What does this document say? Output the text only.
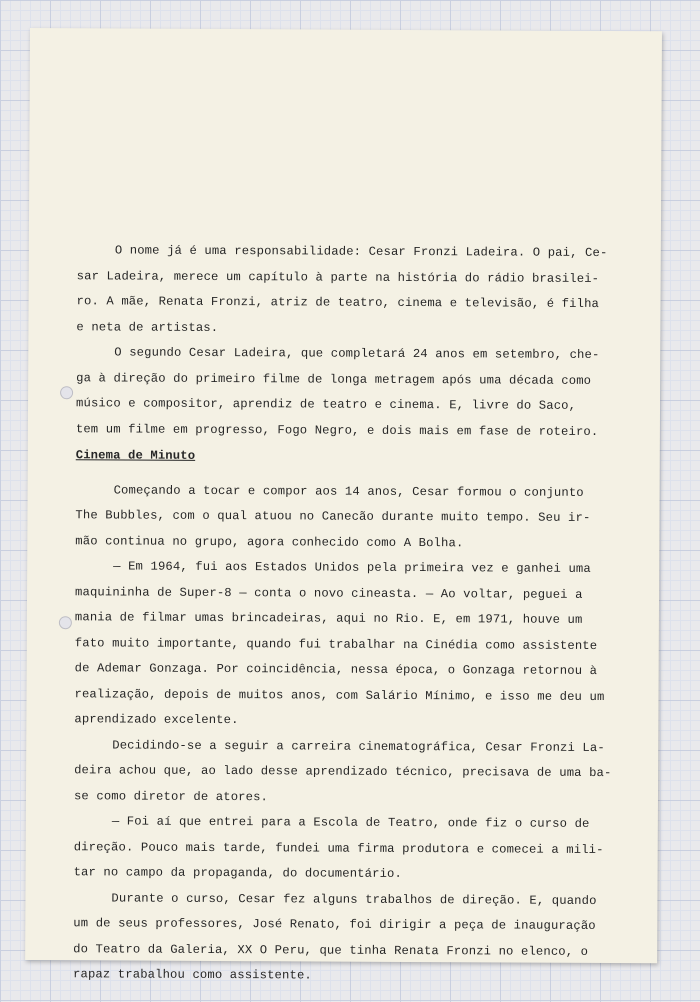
O nome já é uma responsabilidade: Cesar Fronzi Ladeira. O pai, Ce-
sar Ladeira, merece um capítulo à parte na história do rádio brasilei-
ro. A mãe, Renata Fronzi, atriz de teatro, cinema e televisão, é filha
e neta de artistas.

O segundo Cesar Ladeira, que completará 24 anos em setembro, che-
ga à direção do primeiro filme de longa metragem após uma década como
músico e compositor, aprendiz de teatro e cinema. E, livre do Saco,
tem um filme em progresso, Fogo Negro, e dois mais em fase de roteiro.

Cinema de Minuto

Começando a tocar e compor aos 14 anos, Cesar formou o conjunto
The Bubbles, com o qual atuou no Canecão durante muito tempo. Seu ir-
mão continua no grupo, agora conhecido como A Bolha.

— Em 1964, fui aos Estados Unidos pela primeira vez e ganhei uma
maquininha de Super-8 — conta o novo cineasta. — Ao voltar, peguei a
mania de filmar umas brincadeiras, aqui no Rio. E, em 1971, houve um
fato muito importante, quando fui trabalhar na Cinédia como assistente
de Ademar Gonzaga. Por coincidência, nessa época, o Gonzaga retornou à
realização, depois de muitos anos, com Salário Mínimo, e isso me deu um
aprendizado excelente.

Decidindo-se a seguir a carreira cinematográfica, Cesar Fronzi La-
deira achou que, ao lado desse aprendizado técnico, precisava de uma ba-
se como diretor de atores.

— Foi aí que entrei para a Escola de Teatro, onde fiz o curso de
direção. Pouco mais tarde, fundei uma firma produtora e comecei a mili-
tar no campo da propaganda, do documentário.

Durante o curso, Cesar fez alguns trabalhos de direção. E, quando
um de seus professores, José Renato, foi dirigir a peça de inauguração
do Teatro da Galeria, XX O Peru, que tinha Renata Fronzi no elenco, o
rapaz trabalhou como assistente.
